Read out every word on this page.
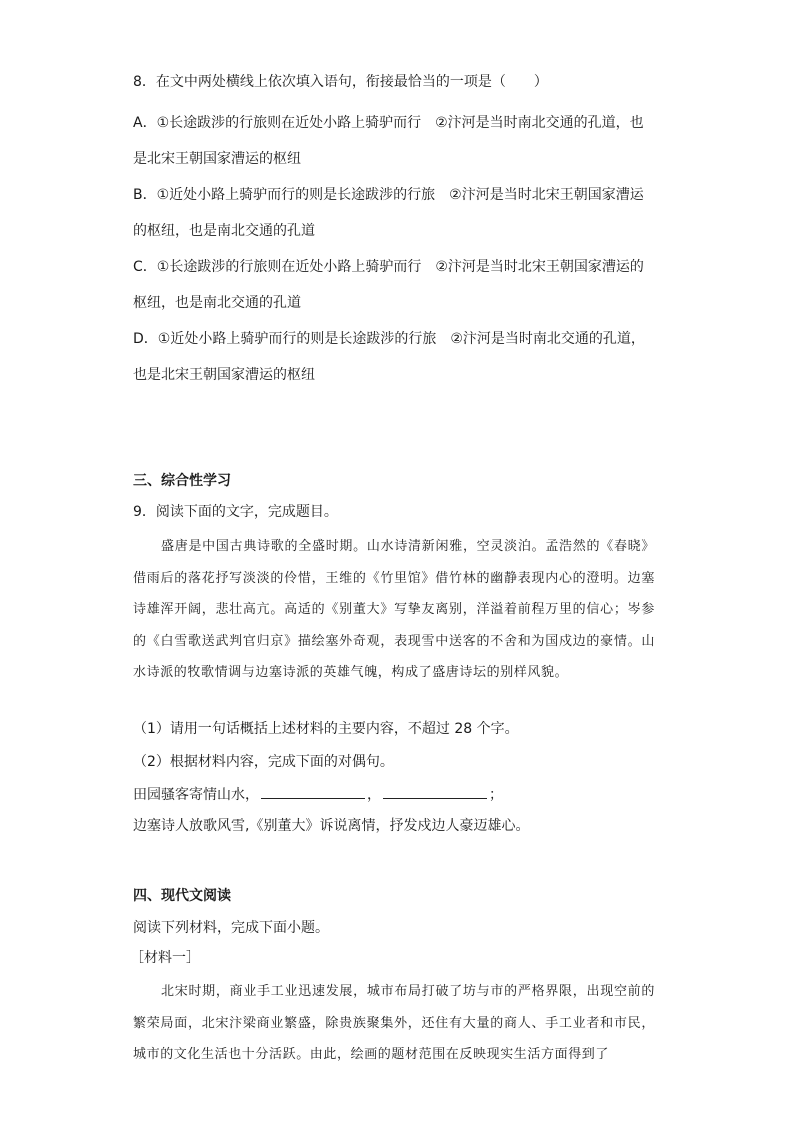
8．在文中两处横线上依次填入语句，衔接最恰当的一项是（　　）
A．①长途跋涉的行旅则在近处小路上骑驴而行　②汴河是当时南北交通的孔道，也
是北宋王朝国家漕运的枢纽
B．①近处小路上骑驴而行的则是长途跋涉的行旅　②汴河是当时北宋王朝国家漕运
的枢纽，也是南北交通的孔道
C．①长途跋涉的行旅则在近处小路上骑驴而行　②汴河是当时北宋王朝国家漕运的
枢纽，也是南北交通的孔道
D．①近处小路上骑驴而行的则是长途跋涉的行旅　②汴河是当时南北交通的孔道，
也是北宋王朝国家漕运的枢纽
三、综合性学习
9．阅读下面的文字，完成题目。

盛唐是中国古典诗歌的全盛时期。山水诗清新闲雅，空灵淡泊。孟浩然的《春晓》借雨后的落花抒写淡淡的伶惜，王维的《竹里馆》借竹林的幽静表现内心的澄明。边塞诗雄浑开阔，悲壮高亢。高适的《别董大》写挚友离别，洋溢着前程万里的信心；岑参的《白雪歌送武判官归京》描绘塞外奇观，表现雪中送客的不舍和为国戍边的豪情。山水诗派的牧歌情调与边塞诗派的英雄气魄，构成了盛唐诗坛的别样风貌。

（1）请用一句话概括上述材料的主要内容，不超过 28 个字。
（2）根据材料内容，完成下面的对偶句。
田园骚客寄情山水，	，	；
边塞诗人放歌风雪,《别董大》诉说离情，抒发戍边人豪迈雄心。
四、现代文阅读
阅读下列材料，完成下面小题。
［材料一］

北宋时期，商业手工业迅速发展，城市布局打破了坊与市的严格界限，出现空前的繁荣局面，北宋汴梁商业繁盛，除贵族聚集外，还住有大量的商人、手工业者和市民，城市的文化生活也十分活跃。由此，绘画的题材范围在反映现实生活方面得到了
